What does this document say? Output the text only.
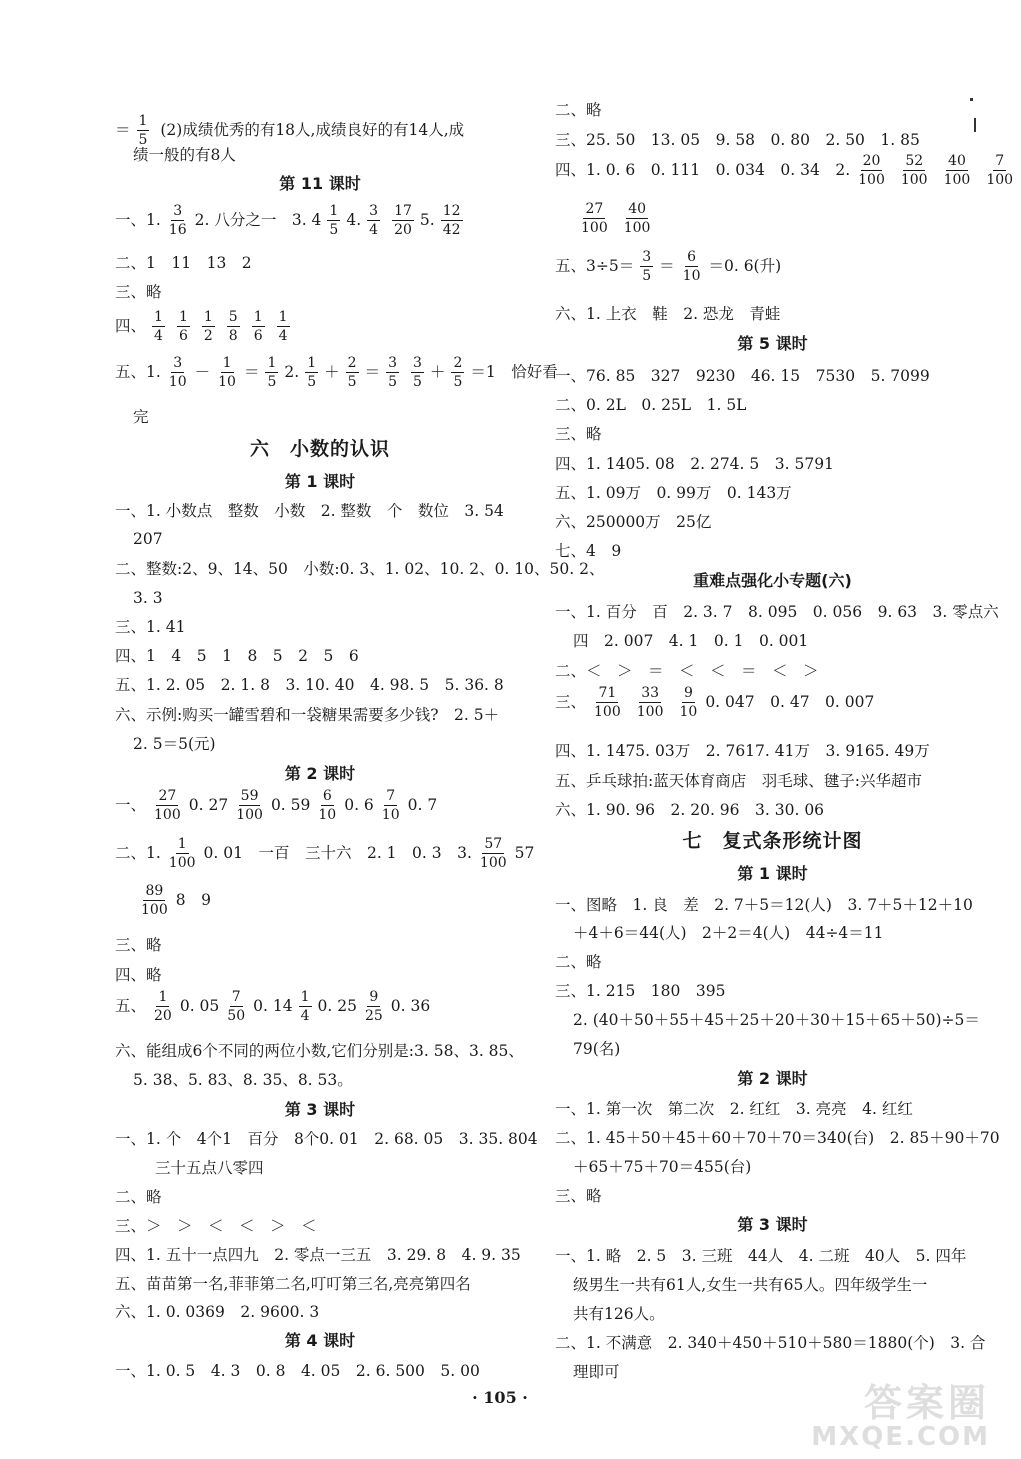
＝ $\frac{1}{5} (2)$成绩优秀的有18人,成绩良好的有14人,成
绩一般的有8人
第 11 课时
一、1. $\frac{3}{16} 2$. 八分之一　3. $4 \frac{1}{5} 4$. $\frac{3}{4} \frac{17}{20} 5$. $\frac{12}{42}$
二、1　11　13　2
三、略
四、 $\frac{1}{4} \frac{1}{6} \frac{1}{2} \frac{5}{8} \frac{1}{6} \frac{1}{4}$
五、1. $\frac{3}{10} - \frac{1}{10} = \frac{1}{5} 2$. $\frac{1}{5} + \frac{2}{5} = \frac{3}{5} \frac{3}{5} + \frac{2}{5} =1$　恰好看
完
六　小数的认识
第 1 课时
一、1. 小数点　整数　小数　2. 整数　个　数位　3. 54
207
二、整数:2、9、14、50　小数:0. 3、1. 02、10. 2、0. 10、50. 2、
3. 3
三、1. 41
四、1　4　5　1　8　5　2　5　6
五、1. 2. 05　2. 1. 8　3. 10. 40　4. 98. 5　5. 36. 8
六、示例:购买一罐雪碧和一袋糖果需要多少钱?　2. 5＋
2. 5＝5(元)
第 2 课时
一、 $\frac{27}{100} 0$. $27 \frac{59}{100} 0$. $59 \frac{6}{10} 0$. $6 \frac{7}{10} 0$. 7
二、1. $\frac{1}{100} 0$. 01　一百　三十六　2. 1　0. 3　3. $\frac{57}{100} 57$
$\frac{89}{100} 8$　9
三、略
四、略
五、 $\frac{1}{20} 0$. $05 \frac{7}{50} 0$. $14 \frac{1}{4} 0$. $25 \frac{9}{25} 0$. 36
六、能组成6个不同的两位小数,它们分别是:3. 58、3. 85、
5. 38、5. 83、8. 35、8. 53。
第 3 课时
一、1. 个　4个1　百分　8个0. 01　2. 68. 05　3. 35. 804
三十五点八零四
二、略
三、＞　＞　＜　＜　＞　＜
四、1. 五十一点四九　2. 零点一三五　3. 29. 8　4. 9. 35
五、苗苗第一名,菲菲第二名,叮叮第三名,亮亮第四名
六、1. 0. 0369　2. 9600. 3
第 4 课时
一、1. 0. 5　4. 3　0. 8　4. 05　2. 6. 500　5. 00
二、略
三、25. 50　13. 05　9. 58　0. 80　2. 50　1. 85
四、1. 0. 6　0. 111　0. 034　0. 34　2. $\frac{20}{100} \frac{52}{100} \frac{40}{100} \frac{7}{100}$
$\frac{27}{100} \frac{40}{100}$
五、$3\div 5= \frac{3}{5} = \frac{6}{10} =0$. 6(升)
六、1. 上衣　鞋　2. 恐龙　青蛙
第 5 课时
一、76. 85　327　9230　46. 15　7530　5. 7099
二、0. 2L　0. 25L　1. 5L
三、略
四、1. 1405. 08　2. 274. 5　3. 5791
五、1. 09万　0. 99万　0. 143万
六、250000万　25亿
七、4　9
重难点强化小专题(六)
一、1. 百分　百　2. 3. 7　8. 095　0. 056　9. 63　3. 零点六
四　2. 007　4. 1　0. 1　0. 001
二、＜　＞　＝　＜　＜　＝　＜　＞
三、 $\frac{71}{100} \frac{33}{100} \frac{9}{10} 0$. 047　0. 47　0. 007
四、1. 1475. 03万　2. 7617. 41万　3. 9165. 49万
五、乒乓球拍:蓝天体育商店　羽毛球、毽子:兴华超市
六、1. 90. 96　2. 20. 96　3. 30. 06
七　复式条形统计图
第 1 课时
一、图略　1. 良　差　2. 7＋5＝12(人)　3. 7＋5＋12＋10
＋4＋6＝44(人)　2＋2＝4(人)　44÷4＝11
二、略
三、1. 215　180　395
2. (40＋50＋55＋45＋25＋20＋30＋15＋65＋50)÷5＝
79(名)
第 2 课时
一、1. 第一次　第二次　2. 红红　3. 亮亮　4. 红红
二、1. 45＋50＋45＋60＋70＋70＝340(台)　2. 85＋90＋70
＋65＋75＋70＝455(台)
三、略
第 3 课时
一、1. 略　2. 5　3. 三班　44人　4. 二班　40人　5. 四年
级男生一共有61人,女生一共有65人。四年级学生一
共有126人。
二、1. 不满意　2. 340＋450＋510＋580＝1880(个)　3. 合
理即可
· 105 ·	答案圈
MXQE.COM
